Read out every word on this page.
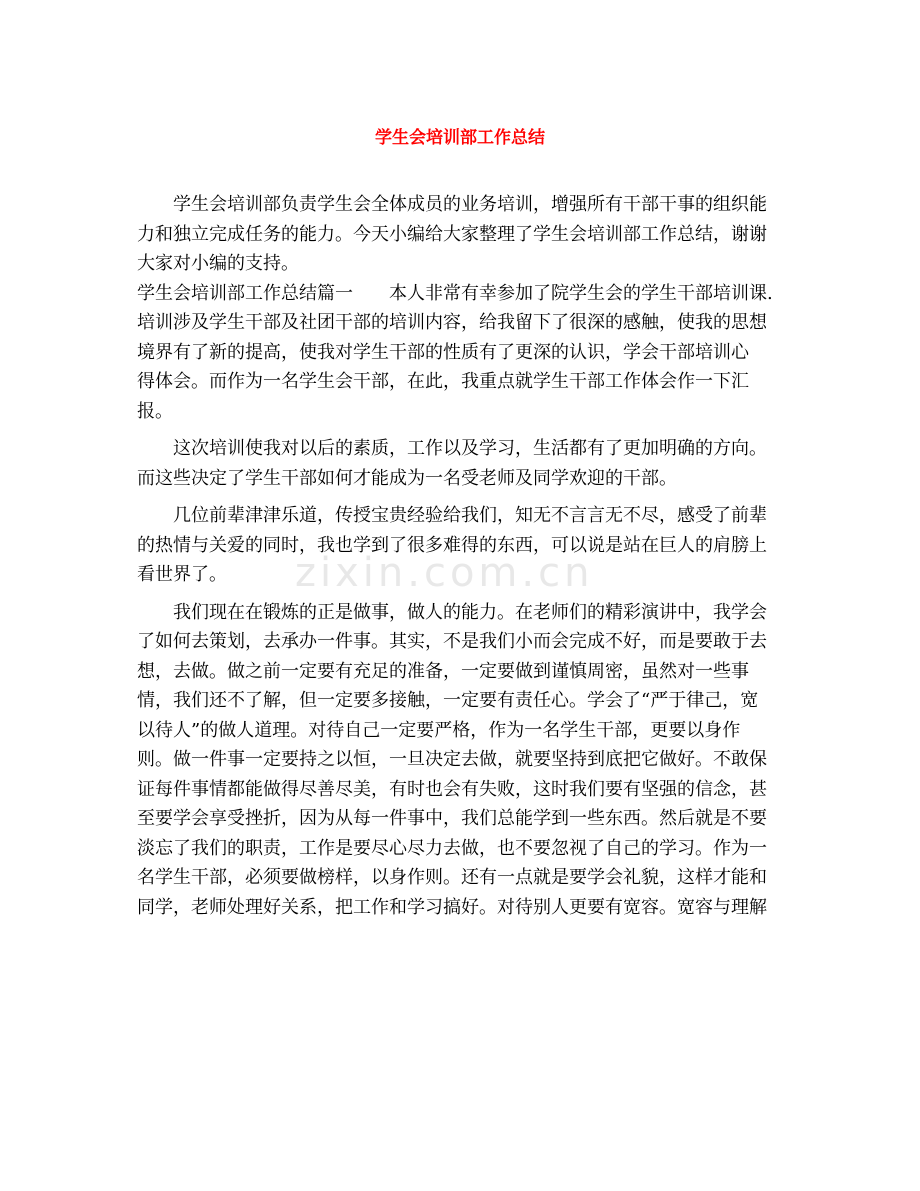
学生会培训部工作总结
zixin.com.cn
学生会培训部负责学生会全体成员的业务培训，增强所有干部干事的组织能
力和独立完成任务的能力。今天小编给大家整理了学生会培训部工作总结，谢谢
大家对小编的支持。
学生会培训部工作总结篇一 本人非常有幸参加了院学生会的学生干部培训课.
培训涉及学生干部及社团干部的培训内容，给我留下了很深的感触，使我的思想
境界有了新的提高，使我对学生干部的性质有了更深的认识，学会干部培训心
得体会。而作为一名学生会干部，在此，我重点就学生干部工作体会作一下汇
报。
这次培训使我对以后的素质，工作以及学习，生活都有了更加明确的方向。
而这些决定了学生干部如何才能成为一名受老师及同学欢迎的干部。
几位前辈津津乐道，传授宝贵经验给我们，知无不言言无不尽，感受了前辈
的热情与关爱的同时，我也学到了很多难得的东西，可以说是站在巨人的肩膀上
看世界了。
我们现在在锻炼的正是做事，做人的能力。在老师们的精彩演讲中，我学会
了如何去策划，去承办一件事。其实，不是我们小而会完成不好，而是要敢于去
想，去做。做之前一定要有充足的准备，一定要做到谨慎周密，虽然对一些事
情，我们还不了解，但一定要多接触，一定要有责任心。学会了“严于律己，宽
以待人”的做人道理。对待自己一定要严格，作为一名学生干部，更要以身作
则。做一件事一定要持之以恒，一旦决定去做，就要坚持到底把它做好。不敢保
证每件事情都能做得尽善尽美，有时也会有失败，这时我们要有坚强的信念，甚
至要学会享受挫折，因为从每一件事中，我们总能学到一些东西。然后就是不要
淡忘了我们的职责，工作是要尽心尽力去做，也不要忽视了自己的学习。作为一
名学生干部，必须要做榜样，以身作则。还有一点就是要学会礼貌，这样才能和
同学，老师处理好关系，把工作和学习搞好。对待别人更要有宽容。宽容与理解
